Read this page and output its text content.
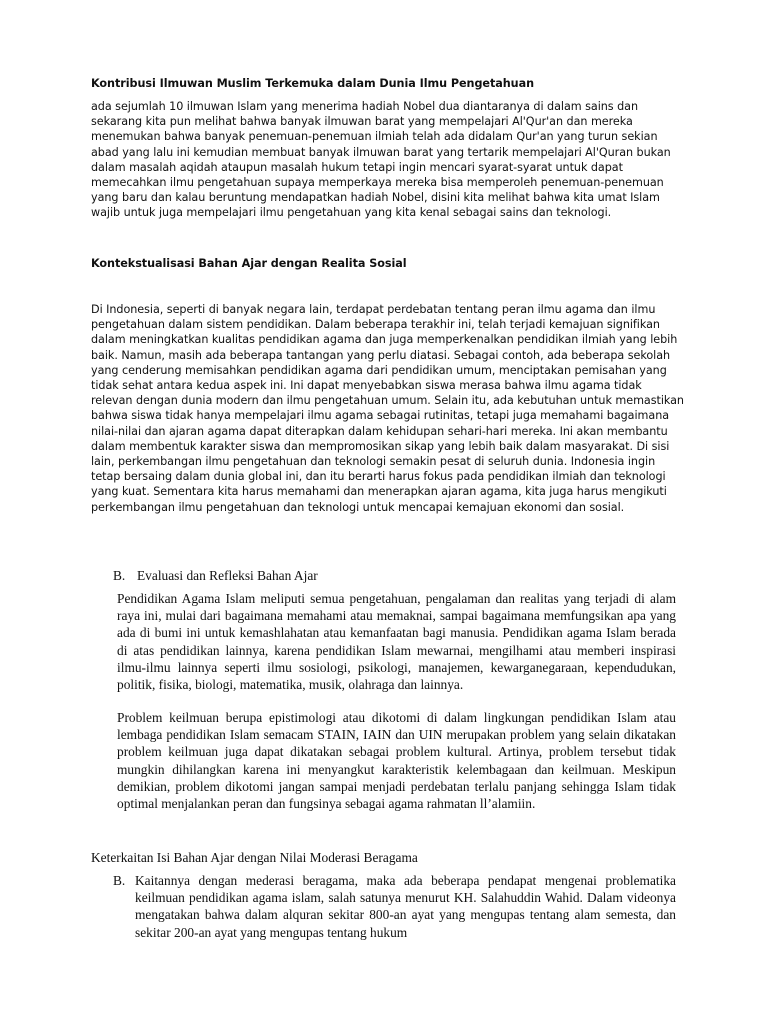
Kontribusi Ilmuwan Muslim Terkemuka dalam Dunia Ilmu Pengetahuan

ada sejumlah 10 ilmuwan Islam yang menerima hadiah Nobel dua diantaranya di dalam sains dan sekarang kita pun melihat bahwa banyak ilmuwan barat yang mempelajari Al'Qur'an dan mereka menemukan bahwa banyak penemuan-penemuan ilmiah telah ada didalam Qur'an yang turun sekian abad yang lalu ini kemudian membuat banyak ilmuwan barat yang tertarik mempelajari Al'Quran bukan dalam masalah aqidah ataupun masalah hukum tetapi ingin mencari syarat-syarat untuk dapat memecahkan ilmu pengetahuan supaya memperkaya mereka bisa memperoleh penemuan-penemuan yang baru dan kalau beruntung mendapatkan hadiah Nobel, disini kita melihat bahwa kita umat Islam wajib untuk juga mempelajari ilmu pengetahuan yang kita kenal sebagai sains dan teknologi.

Kontekstualisasi Bahan Ajar dengan Realita Sosial

Di Indonesia, seperti di banyak negara lain, terdapat perdebatan tentang peran ilmu agama dan ilmu pengetahuan dalam sistem pendidikan. Dalam beberapa terakhir ini, telah terjadi kemajuan signifikan dalam meningkatkan kualitas pendidikan agama dan juga memperkenalkan pendidikan ilmiah yang lebih baik. Namun, masih ada beberapa tantangan yang perlu diatasi. Sebagai contoh, ada beberapa sekolah yang cenderung memisahkan pendidikan agama dari pendidikan umum, menciptakan pemisahan yang tidak sehat antara kedua aspek ini. Ini dapat menyebabkan siswa merasa bahwa ilmu agama tidak relevan dengan dunia modern dan ilmu pengetahuan umum. Selain itu, ada kebutuhan untuk memastikan bahwa siswa tidak hanya mempelajari ilmu agama sebagai rutinitas, tetapi juga memahami bagaimana nilai-nilai dan ajaran agama dapat diterapkan dalam kehidupan sehari-hari mereka. Ini akan membantu dalam membentuk karakter siswa dan mempromosikan sikap yang lebih baik dalam masyarakat. Di sisi lain, perkembangan ilmu pengetahuan dan teknologi semakin pesat di seluruh dunia. Indonesia ingin tetap bersaing dalam dunia global ini, dan itu berarti harus fokus pada pendidikan ilmiah dan teknologi yang kuat. Sementara kita harus memahami dan menerapkan ajaran agama, kita juga harus mengikuti perkembangan ilmu pengetahuan dan teknologi untuk mencapai kemajuan ekonomi dan sosial.

B. Evaluasi dan Refleksi Bahan Ajar

Pendidikan Agama Islam meliputi semua pengetahuan, pengalaman dan realitas yang terjadi di alam raya ini, mulai dari bagaimana memahami atau memaknai, sampai bagaimana memfungsikan apa yang ada di bumi ini untuk kemashlahatan atau kemanfaatan bagi manusia. Pendidikan agama Islam berada di atas pendidikan lainnya, karena pendidikan Islam mewarnai, mengilhami atau memberi inspirasi ilmu-ilmu lainnya seperti ilmu sosiologi, psikologi, manajemen, kewarganegaraan, kependudukan, politik, fisika, biologi, matematika, musik, olahraga dan lainnya.

Problem keilmuan berupa epistimologi atau dikotomi di dalam lingkungan pendidikan Islam atau lembaga pendidikan Islam semacam STAIN, IAIN dan UIN merupakan problem yang selain dikatakan problem keilmuan juga dapat dikatakan sebagai problem kultural. Artinya, problem tersebut tidak mungkin dihilangkan karena ini menyangkut karakteristik kelembagaan dan keilmuan. Meskipun demikian, problem dikotomi jangan sampai menjadi perdebatan terlalu panjang sehingga Islam tidak optimal menjalankan peran dan fungsinya sebagai agama rahmatan ll’alamiin.

Keterkaitan Isi Bahan Ajar dengan Nilai Moderasi Beragama

B. Kaitannya dengan mederasi beragama, maka ada beberapa pendapat mengenai problematika keilmuan pendidikan agama islam, salah satunya menurut KH. Salahuddin Wahid. Dalam videonya mengatakan bahwa dalam alquran sekitar 800-an ayat yang mengupas tentang alam semesta, dan sekitar 200-an ayat yang mengupas tentang hukum
